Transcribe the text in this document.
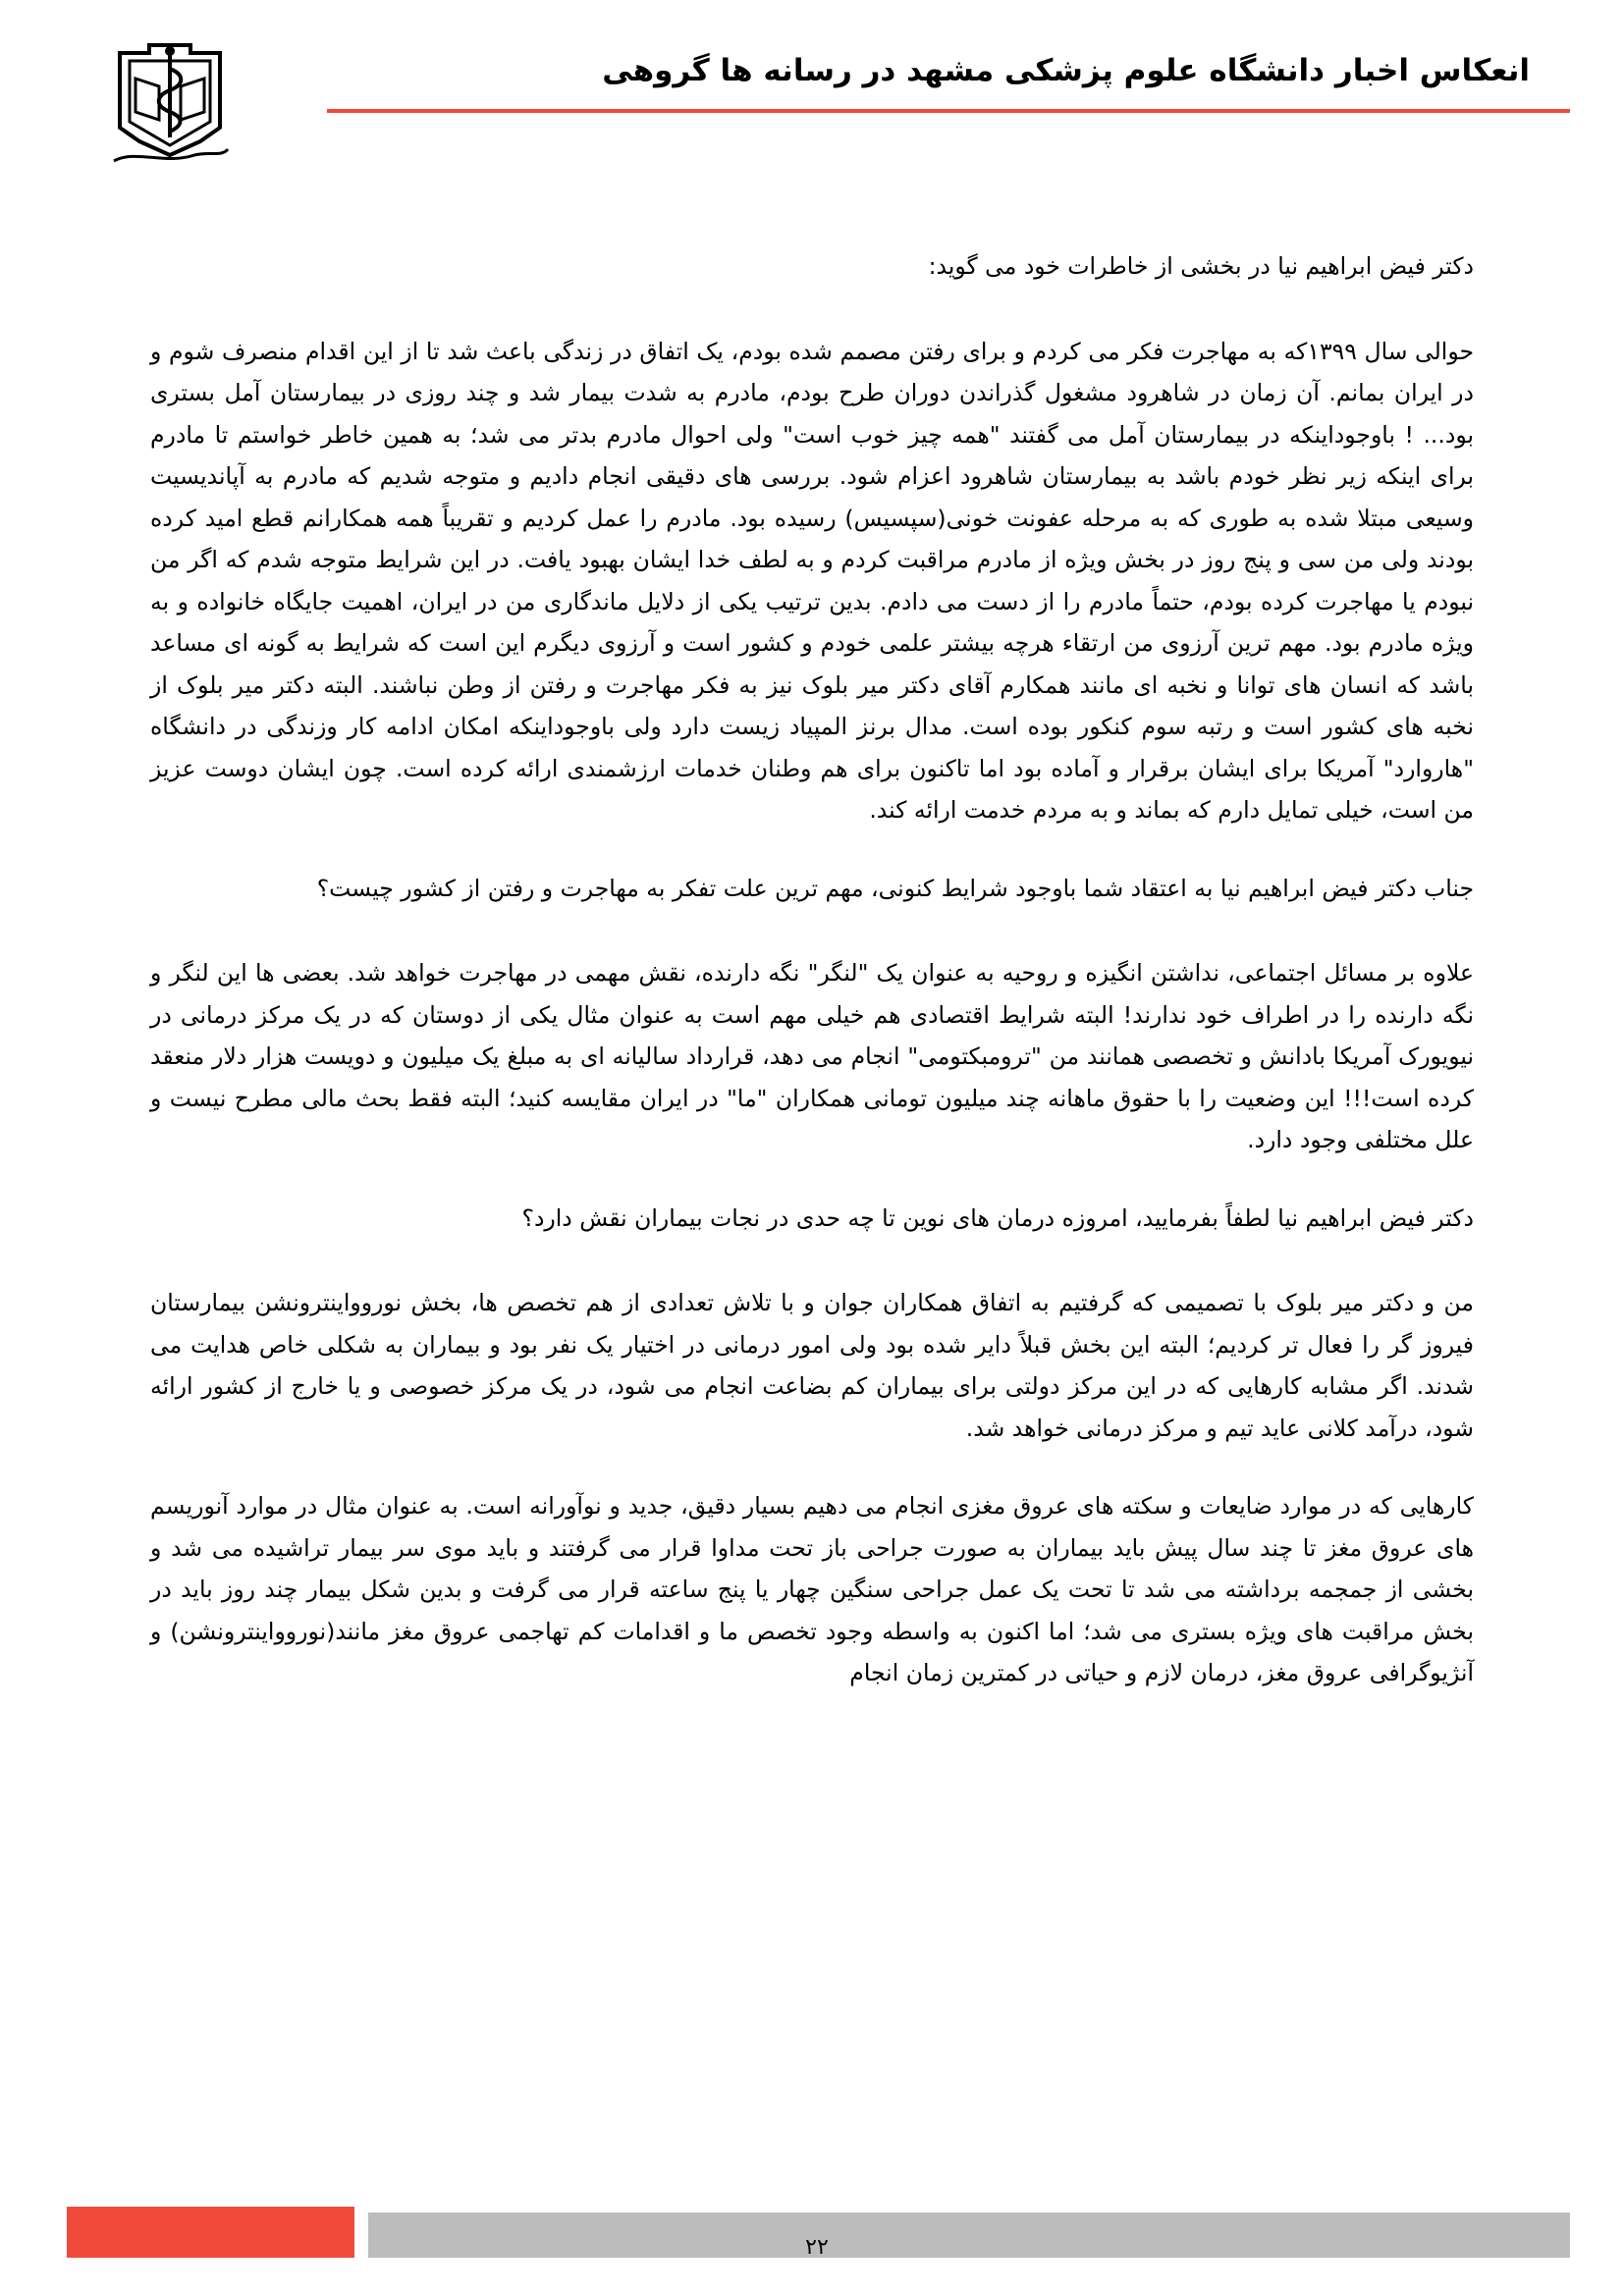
انعکاس اخبار دانشگاه علوم پزشکی مشهد در رسانه ها گروهی

دکتر فیض ابراهیم نیا در بخشی از خاطرات خود می گوید:

حوالی سال ۱۳۹۹که به مهاجرت فکر می کردم و برای رفتن مصمم شده بودم، یک اتفاق در زندگی باعث شد تا از این اقدام منصرف شوم و در ایران بمانم. آن زمان در شاهرود مشغول گذراندن دوران طرح بودم، مادرم به شدت بیمار شد و چند روزی در بیمارستان آمل بستری بود... ! باوجوداینکه در بیمارستان آمل می گفتند "همه چیز خوب است" ولی احوال مادرم بدتر می شد؛ به همین خاطر خواستم تا مادرم برای اینکه زیر نظر خودم باشد به بیمارستان شاهرود اعزام شود. بررسی های دقیقی انجام دادیم و متوجه شدیم که مادرم به آپاندیسیت وسیعی مبتلا شده به طوری که به مرحله عفونت خونی(سپسیس) رسیده بود. مادرم را عمل کردیم و تقریباً همه همکارانم قطع امید کرده بودند ولی من سی و پنج روز در بخش ویژه از مادرم مراقبت کردم و به لطف خدا ایشان بهبود یافت. در این شرایط متوجه شدم که اگر من نبودم یا مهاجرت کرده بودم، حتماً مادرم را از دست می دادم. بدین ترتیب یکی از دلایل ماندگاری من در ایران، اهمیت جایگاه خانواده و به ویژه مادرم بود. مهم ترین آرزوی من ارتقاء هرچه بیشتر علمی خودم و کشور است و آرزوی دیگرم این است که شرایط به گونه ای مساعد باشد که انسان های توانا و نخبه ای مانند همکارم آقای دکتر میر بلوک نیز به فکر مهاجرت و رفتن از وطن نباشند. البته دکتر میر بلوک از نخبه های کشور است و رتبه سوم کنکور بوده است. مدال برنز المپیاد زیست دارد ولی باوجوداینکه امکان ادامه کار وزندگی در دانشگاه "هاروارد" آمریکا برای ایشان برقرار و آماده بود اما تاکنون برای هم وطنان خدمات ارزشمندی ارائه کرده است. چون ایشان دوست عزیز من است، خیلی تمایل دارم که بماند و به مردم خدمت ارائه کند.

جناب دکتر فیض ابراهیم نیا به اعتقاد شما باوجود شرایط کنونی، مهم ترین علت تفکر به مهاجرت و رفتن از کشور چیست؟

علاوه بر مسائل اجتماعی، نداشتن انگیزه و روحیه به عنوان یک "لنگر" نگه دارنده، نقش مهمی در مهاجرت خواهد شد. بعضی ها این لنگر و نگه دارنده را در اطراف خود ندارند! البته شرایط اقتصادی هم خیلی مهم است به عنوان مثال یکی از دوستان که در یک مرکز درمانی در نیویورک آمریکا بادانش و تخصصی همانند من "ترومبکتومی" انجام می دهد، قرارداد سالیانه ای به مبلغ یک میلیون و دویست هزار دلار منعقد کرده است!!! این وضعیت را با حقوق ماهانه چند میلیون تومانی همکاران "ما" در ایران مقایسه کنید؛ البته فقط بحث مالی مطرح نیست و علل مختلفی وجود دارد.

دکتر فیض ابراهیم نیا لطفاً بفرمایید، امروزه درمان های نوین تا چه حدی در نجات بیماران نقش دارد؟

من و دکتر میر بلوک با تصمیمی که گرفتیم به اتفاق همکاران جوان و با تلاش تعدادی از هم تخصص ها، بخش نوروواینترونشن بیمارستان فیروز گر را فعال تر کردیم؛ البته این بخش قبلاً دایر شده بود ولی امور درمانی در اختیار یک نفر بود و بیماران به شکلی خاص هدایت می شدند. اگر مشابه کارهایی که در این مرکز دولتی برای بیماران کم بضاعت انجام می شود، در یک مرکز خصوصی و یا خارج از کشور ارائه شود، درآمد کلانی عاید تیم و مرکز درمانی خواهد شد.

کارهایی که در موارد ضایعات و سکته های عروق مغزی انجام می دهیم بسیار دقیق، جدید و نوآورانه است. به عنوان مثال در موارد آنوریسم های عروق مغز تا چند سال پیش باید بیماران به صورت جراحی باز تحت مداوا قرار می گرفتند و باید موی سر بیمار تراشیده می شد و بخشی از جمجمه برداشته می شد تا تحت یک عمل جراحی سنگین چهار یا پنج ساعته قرار می گرفت و بدین شکل بیمار چند روز باید در بخش مراقبت های ویژه بستری می شد؛ اما اکنون به واسطه وجود تخصص ما و اقدامات کم تهاجمی عروق مغز مانند(نوروواینترونشن) و آنژیوگرافی عروق مغز، درمان لازم و حیاتی در کمترین زمان انجام

۲۲
